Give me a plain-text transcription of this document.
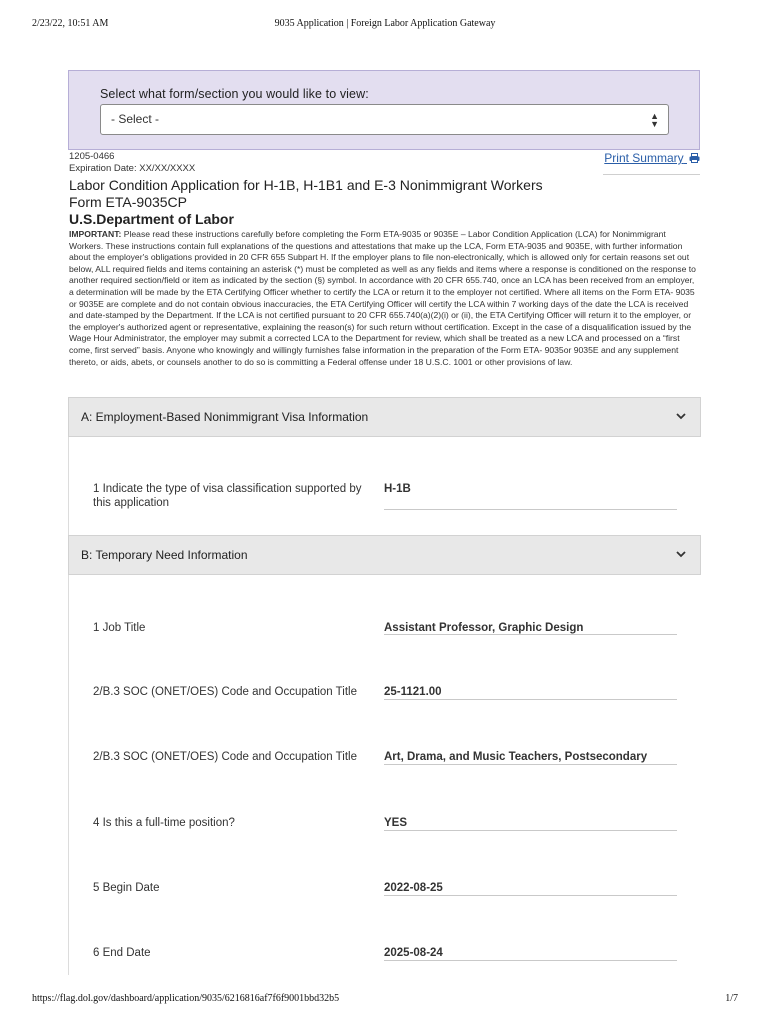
2/23/22, 10:51 AM	9035 Application | Foreign Labor Application Gateway
Select what form/section you would like to view:
- Select -	▲
▼
1205-0466
Expiration Date: XX/XX/XXXX
Print Summary
Labor Condition Application for H-1B, H-1B1 and E-3 Nonimmigrant Workers
Form ETA-9035CP
U.S.Department of Labor
IMPORTANT: Please read these instructions carefully before completing the Form ETA-9035 or 9035E – Labor Condition Application (LCA) for Nonimmigrant Workers. These instructions contain full explanations of the questions and attestations that make up the LCA, Form ETA-9035 and 9035E, with further information about the employer's obligations provided in 20 CFR 655 Subpart H. If the employer plans to file non-electronically, which is allowed only for certain reasons set out below, ALL required fields and items containing an asterisk (*) must be completed as well as any fields and items where a response is conditioned on the response to another required section/field or item as indicated by the section (§) symbol. In accordance with 20 CFR 655.740, once an LCA has been received from an employer, a determination will be made by the ETA Certifying Officer whether to certify the LCA or return it to the employer not certified. Where all items on the Form ETA- 9035 or 9035E are complete and do not contain obvious inaccuracies, the ETA Certifying Officer will certify the LCA within 7 working days of the date the LCA is received and date-stamped by the Department. If the LCA is not certified pursuant to 20 CFR 655.740(a)(2)(i) or (ii), the ETA Certifying Officer will return it to the employer, or the employer's authorized agent or representative, explaining the reason(s) for such return without certification. Except in the case of a disqualification issued by the Wage Hour Administrator, the employer may submit a corrected LCA to the Department for review, which shall be treated as a new LCA and processed on a “first come, first served” basis. Anyone who knowingly and willingly furnishes false information in the preparation of the Form ETA- 9035or 9035E and any supplement thereto, or aids, abets, or counsels another to do so is committing a Federal offense under 18 U.S.C. 1001 or other provisions of law.
A: Employment-Based Nonimmigrant Visa Information
1 Indicate the type of visa classification supported by this application
H-1B
B: Temporary Need Information
1 Job Title	Assistant Professor, Graphic Design
2/B.3 SOC (ONET/OES) Code and Occupation Title	25-1121.00
2/B.3 SOC (ONET/OES) Code and Occupation Title	Art, Drama, and Music Teachers, Postsecondary
4 Is this a full-time position?	YES
5 Begin Date	2022-08-25
6 End Date	2025-08-24
https://flag.dol.gov/dashboard/application/9035/6216816af7f6f9001bbd32b5	1/7
